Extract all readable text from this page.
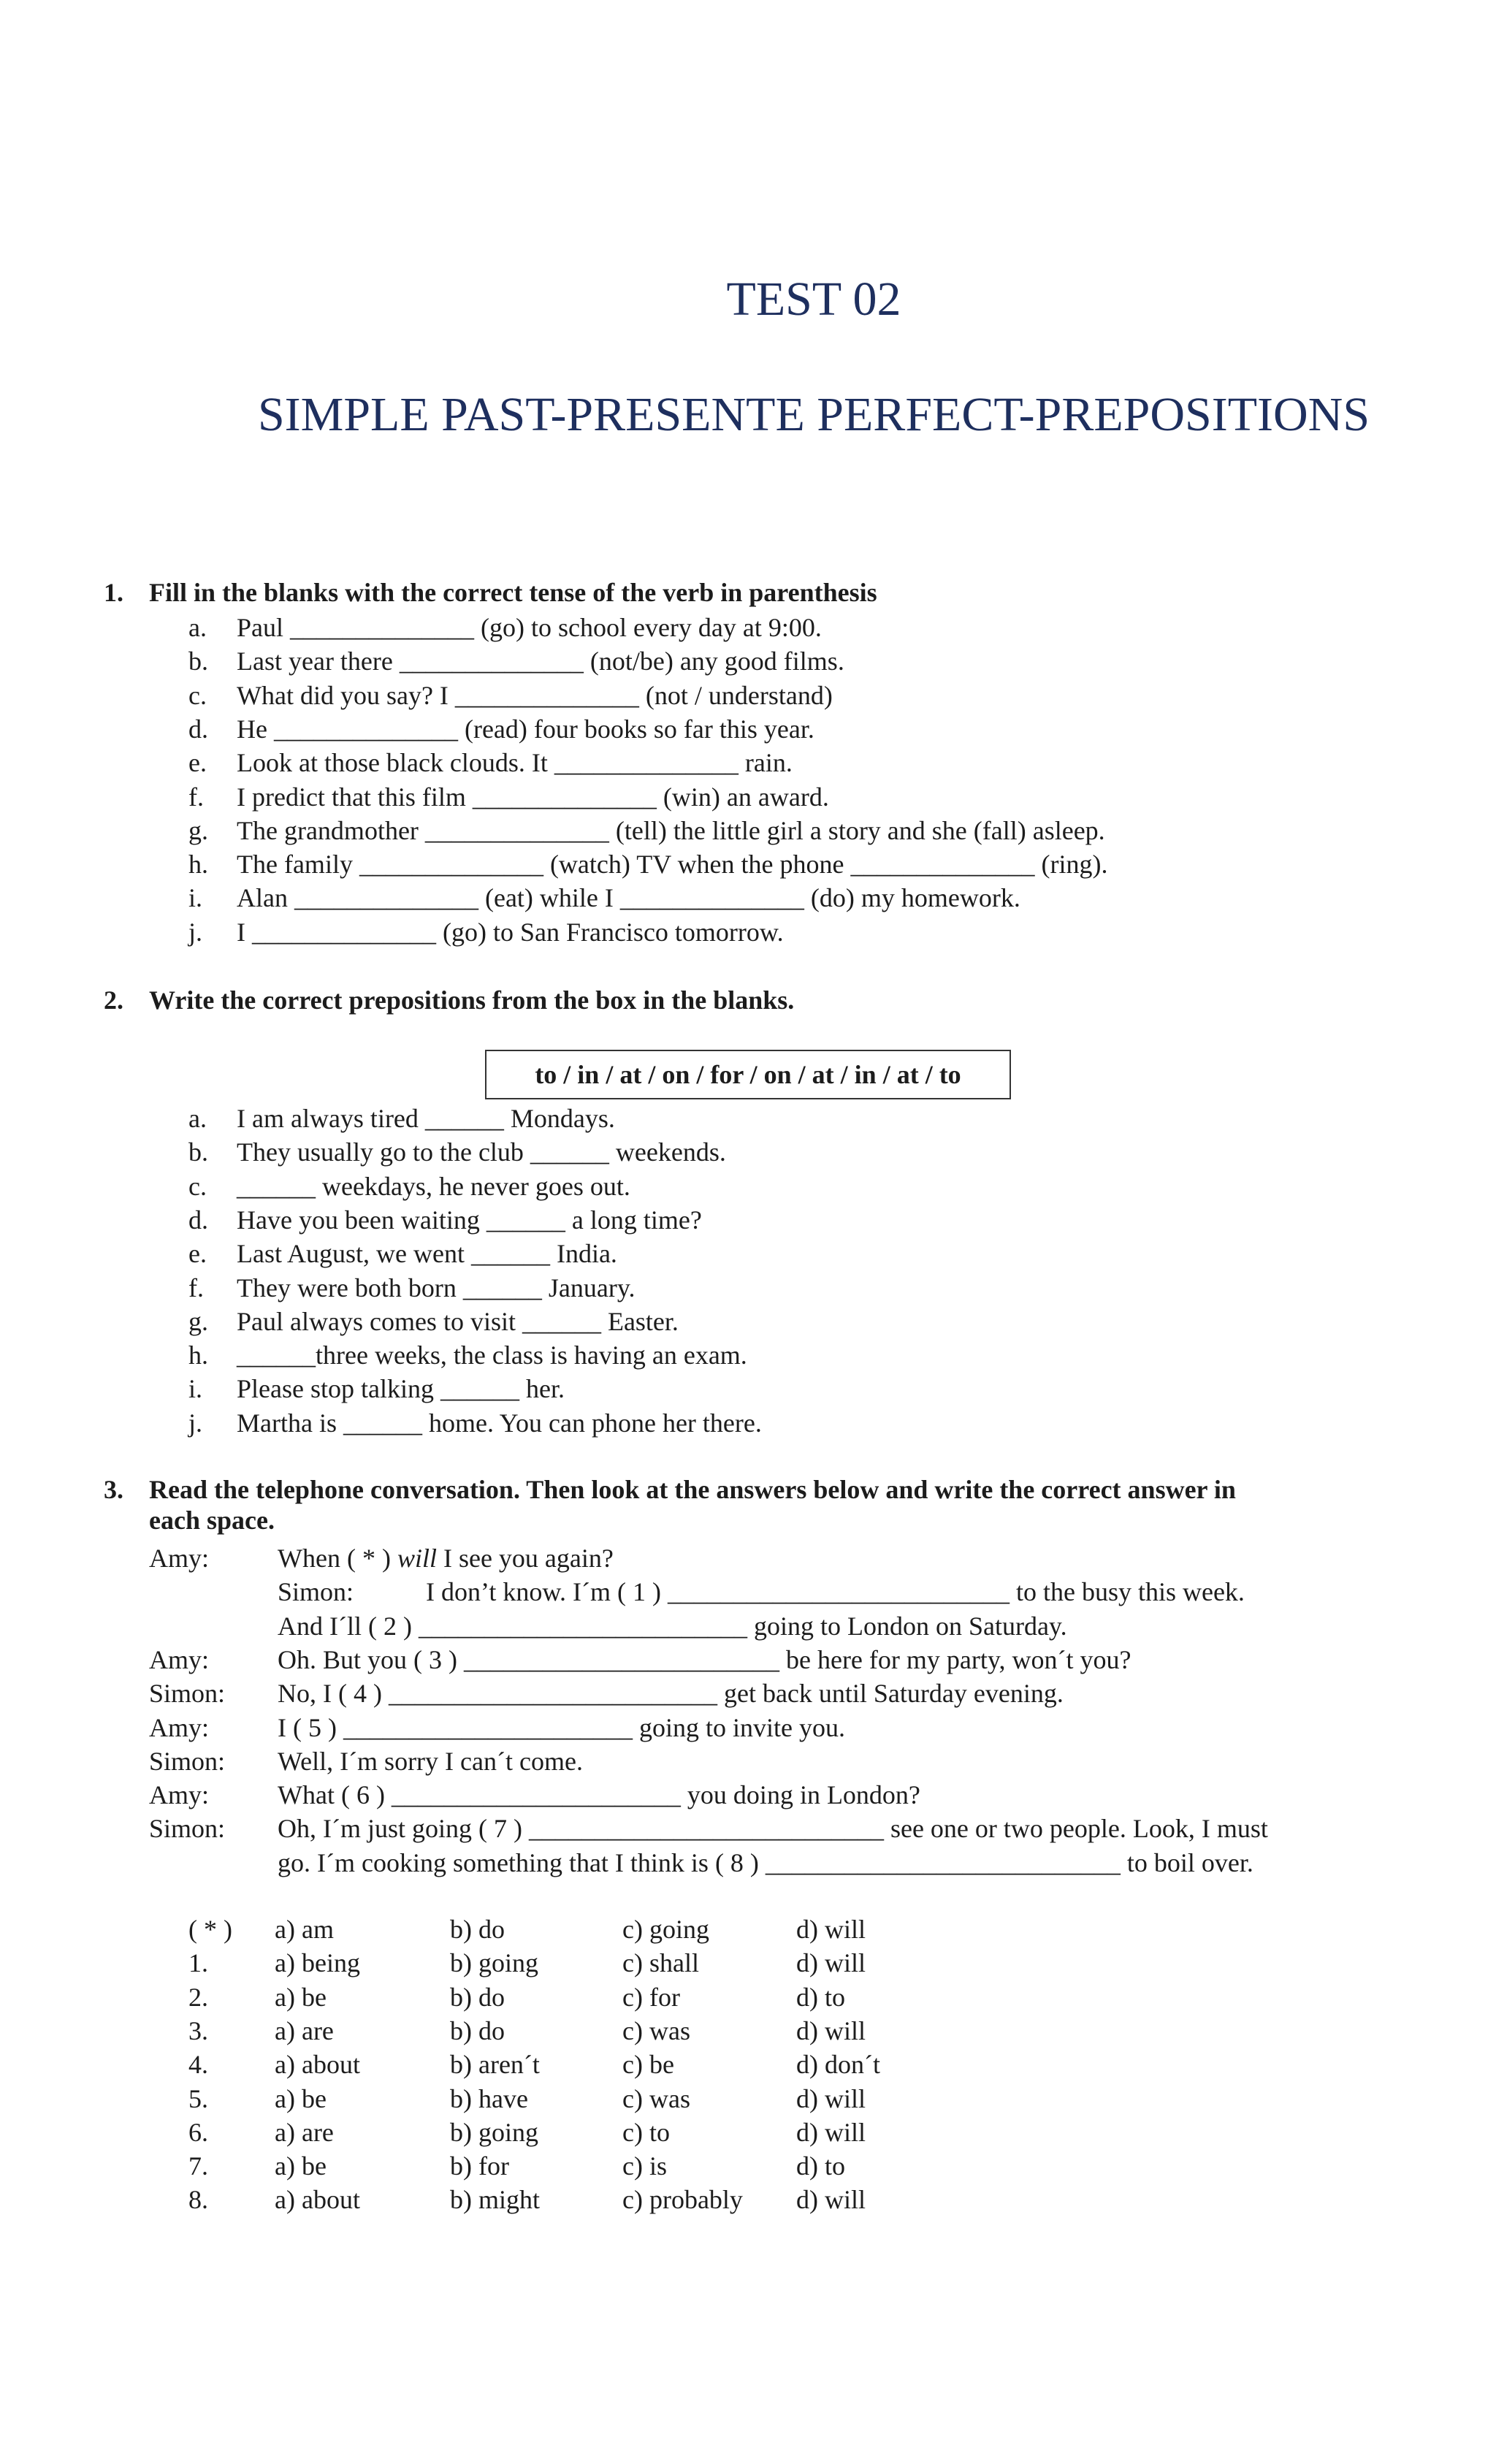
TEST 02
SIMPLE PAST-PRESENTE PERFECT-PREPOSITIONS
1. Fill in the blanks with the correct tense of the verb in parenthesis
a. Paul ______________ (go) to school every day at 9:00.
b. Last year there ______________ (not/be) any good films.
c. What did you say? I ______________ (not / understand)
d. He ______________ (read) four books so far this year.
e. Look at those black clouds. It ______________ rain.
f. I predict that this film ______________ (win) an award.
g. The grandmother ______________ (tell) the little girl a story and she (fall) asleep.
h. The family ______________ (watch) TV when the phone ______________ (ring).
i. Alan ______________ (eat) while I ______________ (do) my homework.
j. I ______________ (go) to San Francisco tomorrow.
2. Write the correct prepositions from the box in the blanks.
to / in / at / on / for / on / at / in / at / to
a. I am always tired ______ Mondays.
b. They usually go to the club ______ weekends.
c. ______ weekdays, he never goes out.
d. Have you been waiting ______ a long time?
e. Last August, we went ______ India.
f. They were both born ______ January.
g. Paul always comes to visit ______ Easter.
h. ______three weeks, the class is having an exam.
i. Please stop talking ______ her.
j. Martha is ______ home. You can phone her there.
3. Read the telephone conversation. Then look at the answers below and write the correct answer in
each space.
Amy:	When ( * ) will I see you again?
Simon:           I don’t know. I´m ( 1 ) __________________________ to the busy this week.
And I´ll ( 2 ) _________________________ going to London on Saturday.
Amy:	Oh. But you ( 3 ) ________________________ be here for my party, won´t you?
Simon: No, I ( 4 ) _________________________ get back until Saturday evening.
Amy:	I ( 5 ) ______________________ going to invite you.
Simon: Well, I´m sorry I can´t come.
Amy:	What ( 6 ) ______________________ you doing in London?
Simon: Oh, I´m just going ( 7 ) ___________________________ see one or two people. Look, I must
go. I´m cooking something that I think is ( 8 ) ___________________________ to boil over.
( * ) a) am	b) do	c) going	d) will
1.	a) being	b) going	c) shall	d) will
2.	a) be	b) do	c) for	d) to
3.	a) are	b) do	c) was	d) will
4.	a) about	b) aren´t	c) be	d) don´t
5.	a) be	b) have	c) was	d) will
6.	a) are	b) going	c) to	d) will
7.	a) be	b) for	c) is	d) to
8.	a) about	b) might	c) probably d) will
